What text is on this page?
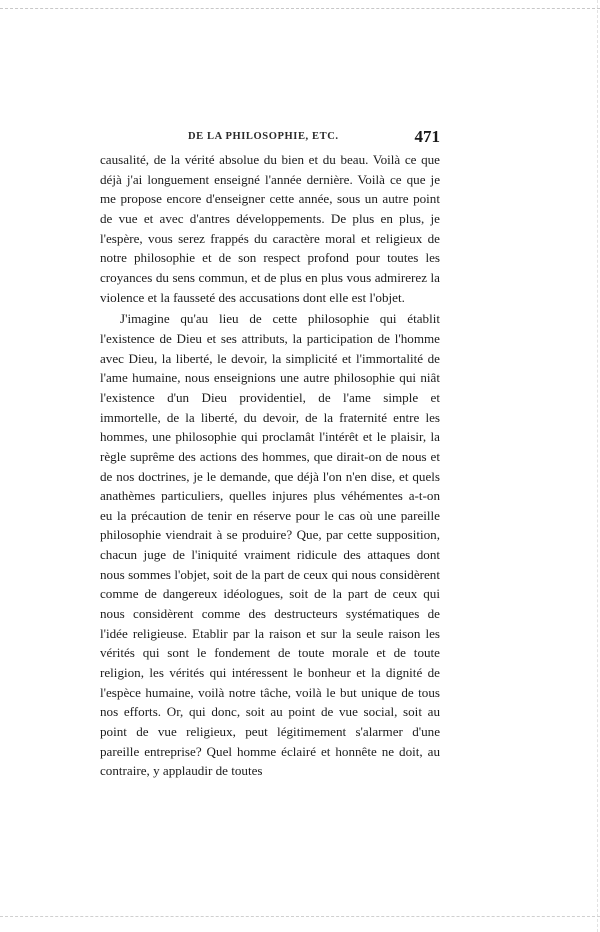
DE LA PHILOSOPHIE, ETC.	471

causalité, de la vérité absolue du bien et du beau. Voilà ce que déjà j'ai longuement enseigné l'année dernière. Voilà ce que je me propose encore d'enseigner cette année, sous un autre point de vue et avec d'antres développements. De plus en plus, je l'espère, vous serez frappés du caractère moral et religieux de notre philosophie et de son respect profond pour toutes les croyances du sens commun, et de plus en plus vous admirerez la violence et la fausseté des accusations dont elle est l'objet.

J'imagine qu'au lieu de cette philosophie qui établit l'existence de Dieu et ses attributs, la participation de l'homme avec Dieu, la liberté, le devoir, la simplicité et l'immortalité de l'ame humaine, nous enseignions une autre philosophie qui niât l'existence d'un Dieu providentiel, de l'ame simple et immortelle, de la liberté, du devoir, de la fraternité entre les hommes, une philosophie qui proclamât l'intérêt et le plaisir, la règle suprême des actions des hommes, que dirait-on de nous et de nos doctrines, je le demande, que déjà l'on n'en dise, et quels anathèmes particuliers, quelles injures plus véhémentes a-t-on eu la précaution de tenir en réserve pour le cas où une pareille philosophie viendrait à se produire? Que, par cette supposition, chacun juge de l'iniquité vraiment ridicule des attaques dont nous sommes l'objet, soit de la part de ceux qui nous considèrent comme de dangereux idéologues, soit de la part de ceux qui nous considèrent comme des destructeurs systématiques de l'idée religieuse. Etablir par la raison et sur la seule raison les vérités qui sont le fondement de toute morale et de toute religion, les vérités qui intéressent le bonheur et la dignité de l'espèce humaine, voilà notre tâche, voilà le but unique de tous nos efforts. Or, qui donc, soit au point de vue social, soit au point de vue religieux, peut légitimement s'alarmer d'une pareille entreprise? Quel homme éclairé et honnête ne doit, au contraire, y applaudir de toutes
